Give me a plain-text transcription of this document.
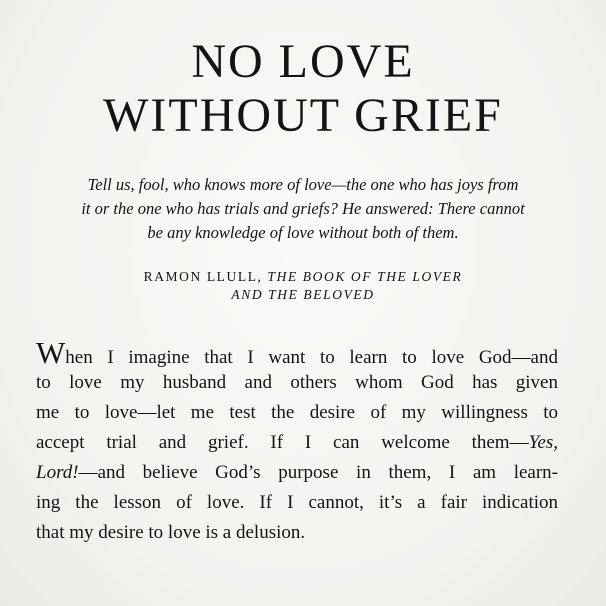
NO LOVE
WITHOUT GRIEF

Tell us, fool, who knows more of love—the one who has joys from
it or the one who has trials and griefs? He answered: There cannot
be any knowledge of love without both of them.

RAMON LLULL, THE BOOK OF THE LOVER
AND THE BELOVED

When I imagine that I want to learn to love God—and
to love my husband and others whom God has given
me to love—let me test the desire of my willingness to
accept trial and grief. If I can welcome them—Yes,
Lord!—and believe God’s purpose in them, I am learn-
ing the lesson of love. If I cannot, it’s a fair indication
that my desire to love is a delusion.
